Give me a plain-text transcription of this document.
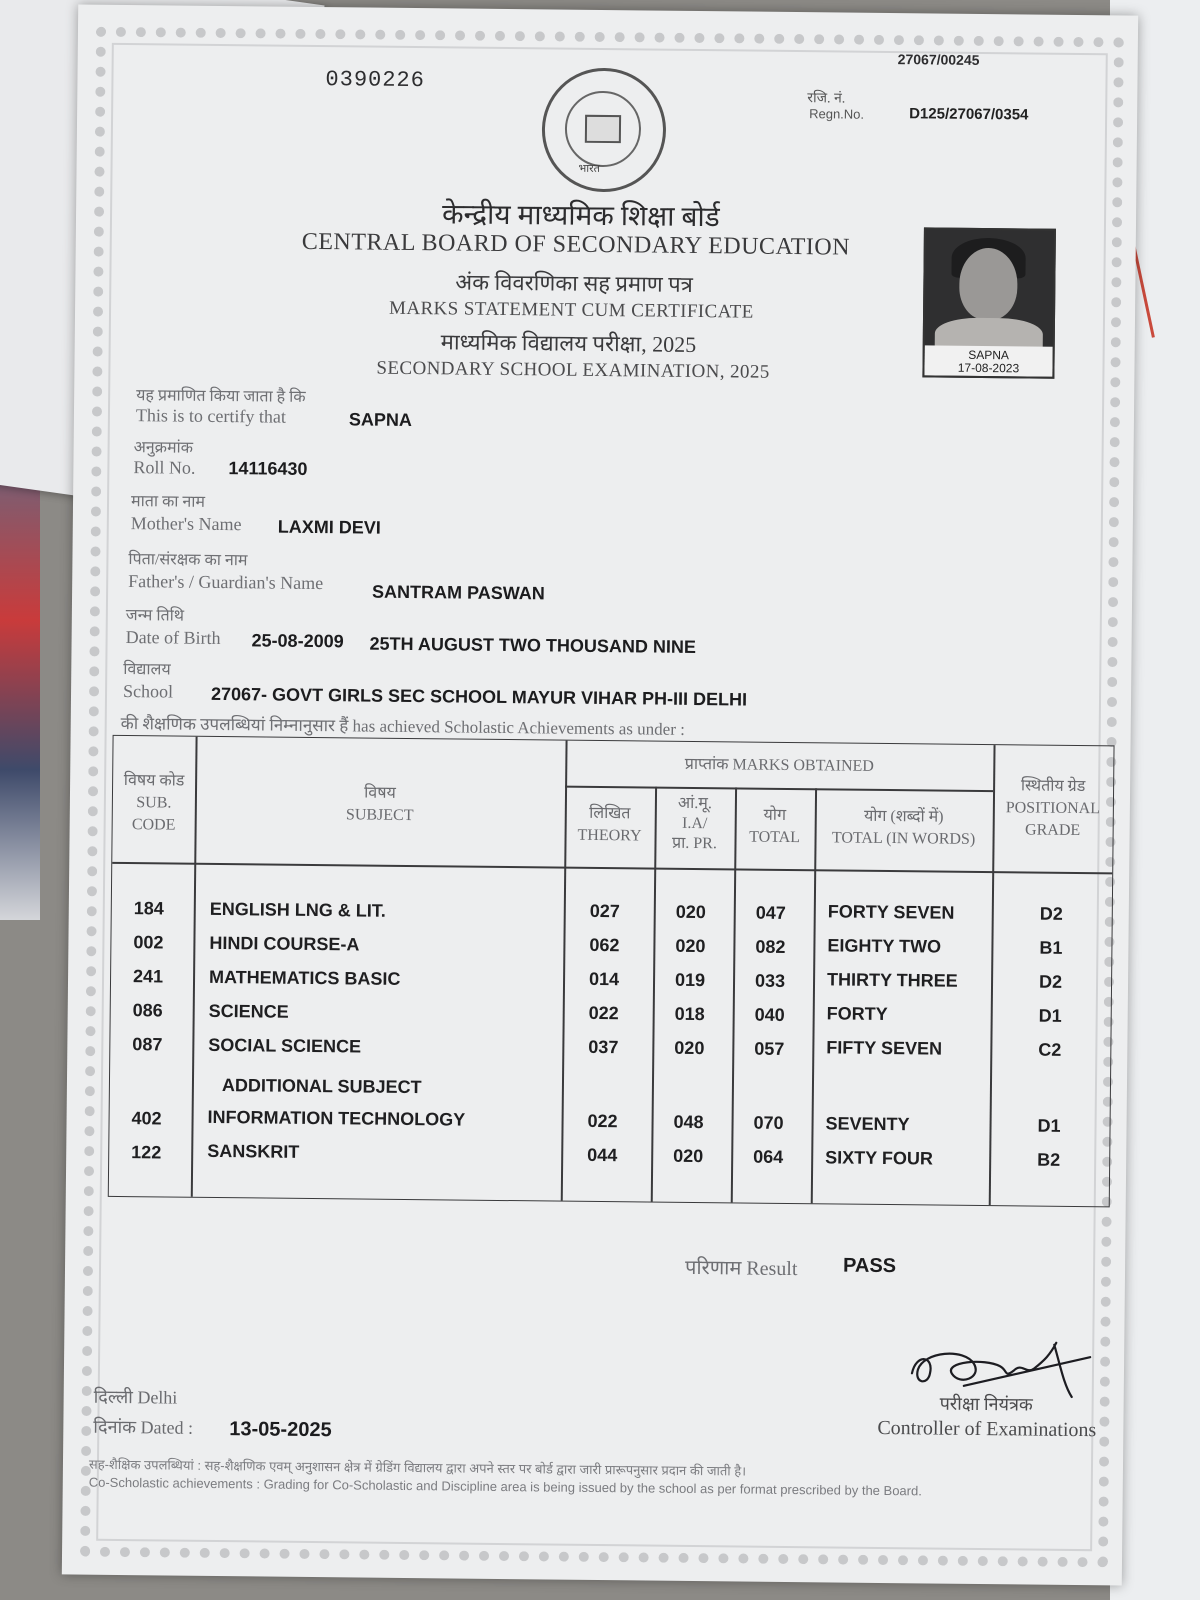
0390226
27067/00245
रजि. नं.
Regn.No.	D125/27067/0354
भारत
केन्द्रीय माध्यमिक शिक्षा बोर्ड
CENTRAL BOARD OF SECONDARY EDUCATION
अंक विवरणिका सह प्रमाण पत्र
MARKS STATEMENT CUM CERTIFICATE
माध्यमिक विद्यालय परीक्षा, 2025
SECONDARY SCHOOL EXAMINATION, 2025
SAPNA
17-08-2023
यह प्रमाणित किया जाता है कि
This is to certify that	SAPNA
अनुक्रमांक
Roll No. 14116430
माता का नाम
Mother's Name LAXMI DEVI
पिता/संरक्षक का नाम
Father's / Guardian's Name	SANTRAM PASWAN
जन्म तिथि
Date of Birth 25-08-2009 25TH AUGUST TWO THOUSAND NINE
विद्यालय
School 27067- GOVT GIRLS SEC SCHOOL MAYUR VIHAR PH-III DELHI
की शैक्षणिक उपलब्धियां निम्नानुसार हैं has achieved Scholastic Achievements as under :
विषय कोड
SUB.
CODE
विषय
SUBJECT
प्राप्तांक MARKS OBTAINED
लिखित
THEORY
आं.मू.
I.A/
प्रा. PR.
योग
TOTAL
योग (शब्दों में)
TOTAL (IN WORDS)
स्थितीय ग्रेड
POSITIONAL
GRADE
184	ENGLISH LNG & LIT.	027	020	047 FORTY SEVEN	D2
002	HINDI COURSE-A	062	020	082 EIGHTY TWO	B1
241	MATHEMATICS BASIC	014	019	033 THIRTY THREE	D2
086	SCIENCE	022	018	040 FORTY	D1
087	SOCIAL SCIENCE	037	020	057 FIFTY SEVEN	C2
ADDITIONAL SUBJECT
402	INFORMATION TECHNOLOGY	022	048	070 SEVENTY	D1
122	SANSKRIT	044	020	064 SIXTY FOUR	B2
परिणाम Result PASS
दिल्ली Delhi
दिनांक Dated : 13-05-2025
परीक्षा नियंत्रक
Controller of Examinations
सह-शैक्षिक उपलब्धियां : सह-शैक्षणिक एवम् अनुशासन क्षेत्र में ग्रेडिंग विद्यालय द्वारा अपने स्तर पर बोर्ड द्वारा जारी प्रारूपनुसार प्रदान की जाती है।
Co-Scholastic achievements : Grading for Co-Scholastic and Discipline area is being issued by the school as per format prescribed by the Board.
